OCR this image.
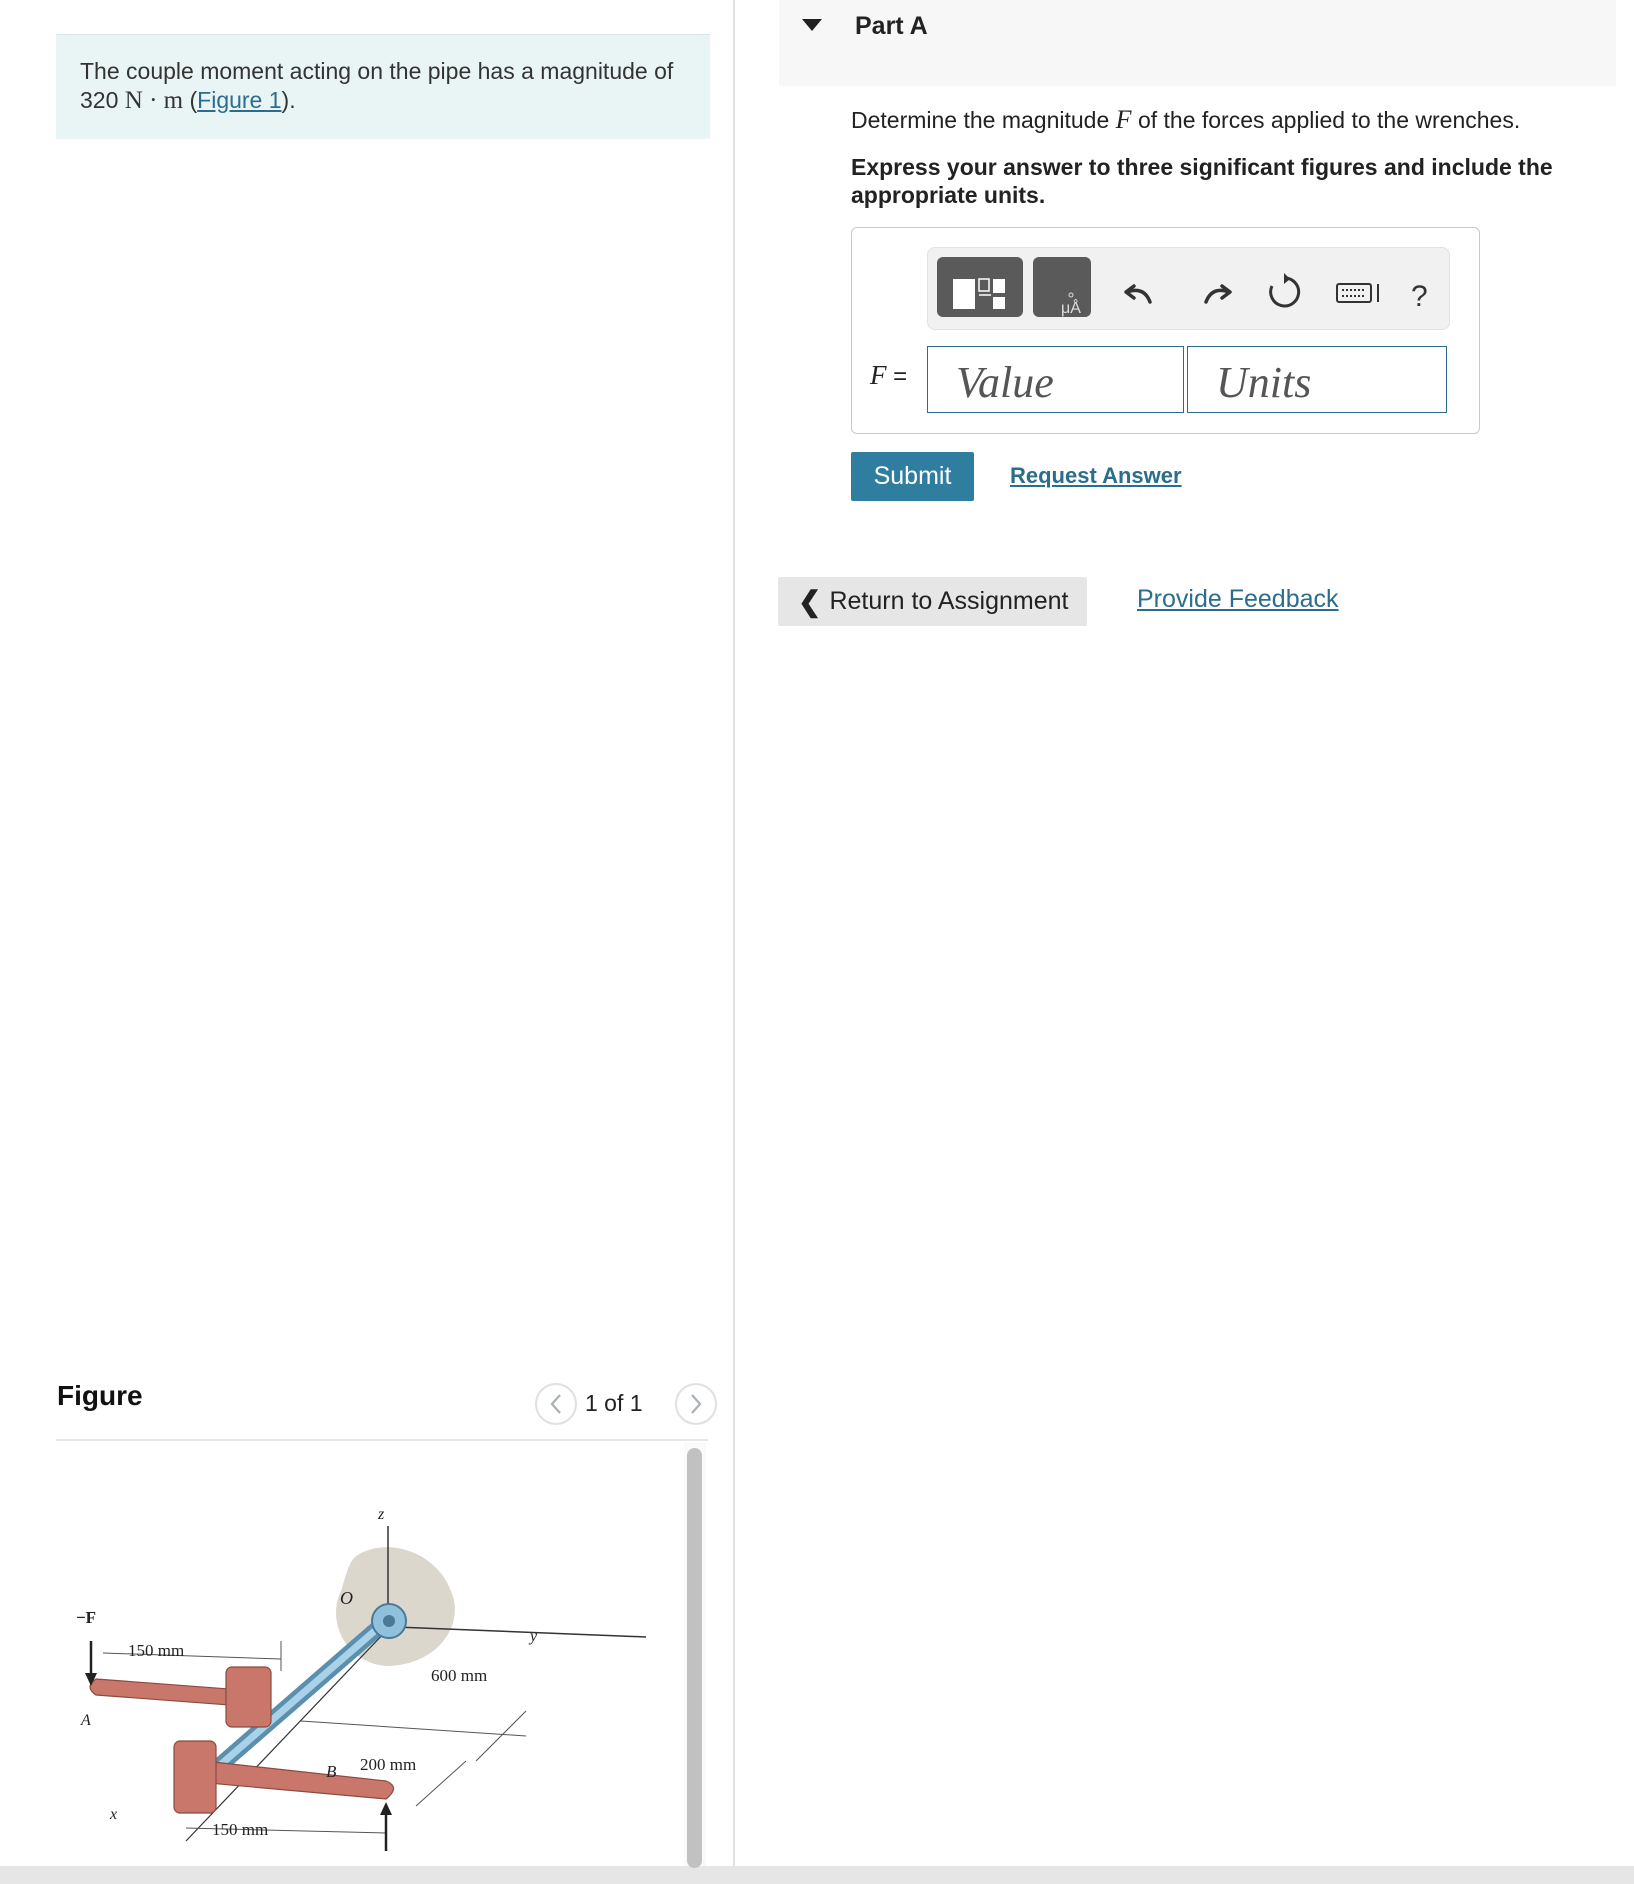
The couple moment acting on the pipe has a magnitude of
320 N · m (Figure 1).
Figure	1 of 1
−F
150 mm
150 mm
600 mm
200 mm
z
y
x
O
A
B
Part A
Determine the magnitude F of the forces applied to the wrenches.
Express your answer to three significant figures and include the appropriate units.
μÅ	?
F =
Value
Units
Submit	Request Answer
❮ Return to Assignment	Provide Feedback
